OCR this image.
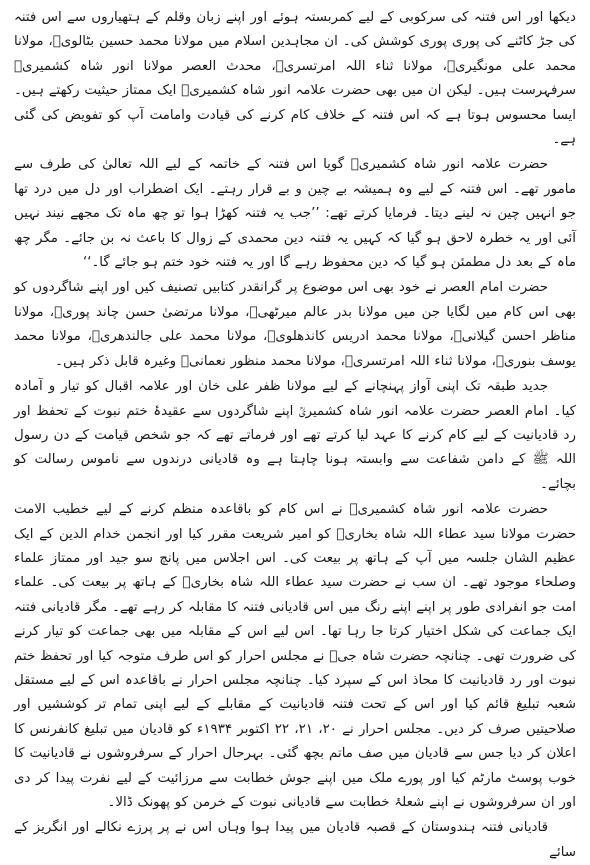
دیکھا اور اس فتنہ کی سرکوبی کے لیے کمربستہ ہوئے اور اپنے زبان وقلم کے ہتھیاروں سے اس فتنہ کی جڑ کاٹنے کی پوری پوری کوشش کی۔ ان مجاہدین اسلام میں مولانا محمد حسین بٹالویؒ، مولانا محمد علی مونگیریؒ، مولانا ثناء اللہ امرتسریؒ، محدث العصر مولانا انور شاہ کشمیریؒ سرفہرست ہیں۔ لیکن ان میں بھی حضرت علامہ انور شاہ کشمیریؒ ایک ممتاز حیثیت رکھتے ہیں۔ ایسا محسوس ہوتا ہے کہ اس فتنہ کے خلاف کام کرنے کی قیادت وامامت آپ کو تفویض کی گئی ہے۔

حضرت علامہ انور شاہ کشمیریؒ گویا اس فتنہ کے خاتمہ کے لیے اللہ تعالیٰ کی طرف سے مامور تھے۔ اس فتنہ کے لیے وہ ہمیشہ بے چین و بے قرار رہتے۔ ایک اضطراب اور دل میں درد تھا جو انہیں چین نہ لینے دیتا۔ فرمایا کرتے تھے: ’’جب یہ فتنہ کھڑا ہوا تو چھ ماہ تک مجھے نیند نہیں آئی اور یہ خطرہ لاحق ہو گیا کہ کہیں یہ فتنہ دین محمدی کے زوال کا باعث نہ بن جائے۔ مگر چھ ماہ کے بعد دل مطمئن ہو گیا کہ دین محفوظ رہے گا اور یہ فتنہ خود ختم ہو جائے گا۔‘‘

حضرت امام العصر نے خود بھی اس موضوع پر گرانقدر کتابیں تصنیف کیں اور اپنے شاگردوں کو بھی اس کام میں لگایا جن میں مولانا بدر عالم میرٹھیؒ، مولانا مرتضیٰ حسن چاند پوریؒ، مولانا مناظر احسن گیلانیؒ، مولانا محمد ادریس کاندھلویؒ، مولانا محمد علی جالندھریؒ، مولانا محمد یوسف بنوریؒ، مولانا ثناء اللہ امرتسریؒ، مولانا محمد منظور نعمانیؒ وغیرہ قابل ذکر ہیں۔

جدید طبقہ تک اپنی آواز پہنچانے کے لیے مولانا ظفر علی خان اور علامہ اقبال کو تیار و آمادہ کیا۔ امام العصر حضرت علامہ انور شاہ کشمیریؒ اپنے شاگردوں سے عقیدۂ ختم نبوت کے تحفظ اور رد قادیانیت کے لیے کام کرنے کا عہد لیا کرتے تھے اور فرماتے تھے کہ جو شخص قیامت کے دن رسول اللہ ﷺ کے دامن شفاعت سے وابستہ ہونا چاہتا ہے وہ قادیانی درندوں سے ناموس رسالت کو بچائے۔

حضرت علامہ انور شاہ کشمیریؒ نے اس کام کو باقاعدہ منظم کرنے کے لیے خطیب الامت حضرت مولانا سید عطاء اللہ شاہ بخاریؒ کو امیر شریعت مقرر کیا اور انجمن خدام الدین کے ایک عظیم الشان جلسہ میں آپ کے ہاتھ پر بیعت کی۔ اس اجلاس میں پانچ سو جید اور ممتاز علماء وصلحاء موجود تھے۔ ان سب نے حضرت سید عطاء اللہ شاہ بخاریؒ کے ہاتھ پر بیعت کی۔ علماء امت جو انفرادی طور پر اپنے اپنے رنگ میں اس قادیانی فتنہ کا مقابلہ کر رہے تھے۔ مگر قادیانی فتنہ ایک جماعت کی شکل اختیار کرتا جا رہا تھا۔ اس لیے اس کے مقابلہ میں بھی جماعت کو تیار کرنے کی ضرورت تھی۔ چنانچہ حضرت شاہ جیؒ نے مجلس احرار کو اس طرف متوجہ کیا اور تحفظ ختم نبوت اور رد قادیانیت کا محاذ اس کے سپرد کیا۔ چنانچہ مجلس احرار نے باقاعدہ اس کے لیے مستقل شعبہ تبلیغ قائم کیا اور اس کے تحت فتنہ قادیانیت کے مقابلے کے لیے اپنی تمام تر کوششیں اور صلاحیتیں صرف کر دیں۔ مجلس احرار نے ۲۰، ۲۱، ۲۲ اکتوبر ۱۹۳۴ء کو قادیان میں تبلیغ کانفرنس کا اعلان کر دیا جس سے قادیان میں صف ماتم بچھ گئی۔ بہرحال احرار کے سرفروشوں نے قادیانیت کا خوب پوسٹ مارٹم کیا اور پورے ملک میں اپنے جوش خطابت سے مرزائیت کے لیے نفرت پیدا کر دی اور ان سرفروشوں نے اپنے شعلۂ خطابت سے قادیانی نبوت کے خرمن کو پھونک ڈالا۔

قادیانی فتنہ ہندوستان کے قصبہ قادیان میں پیدا ہوا وہاں اس نے پر پرزے نکالے اور انگریز کے سائے
